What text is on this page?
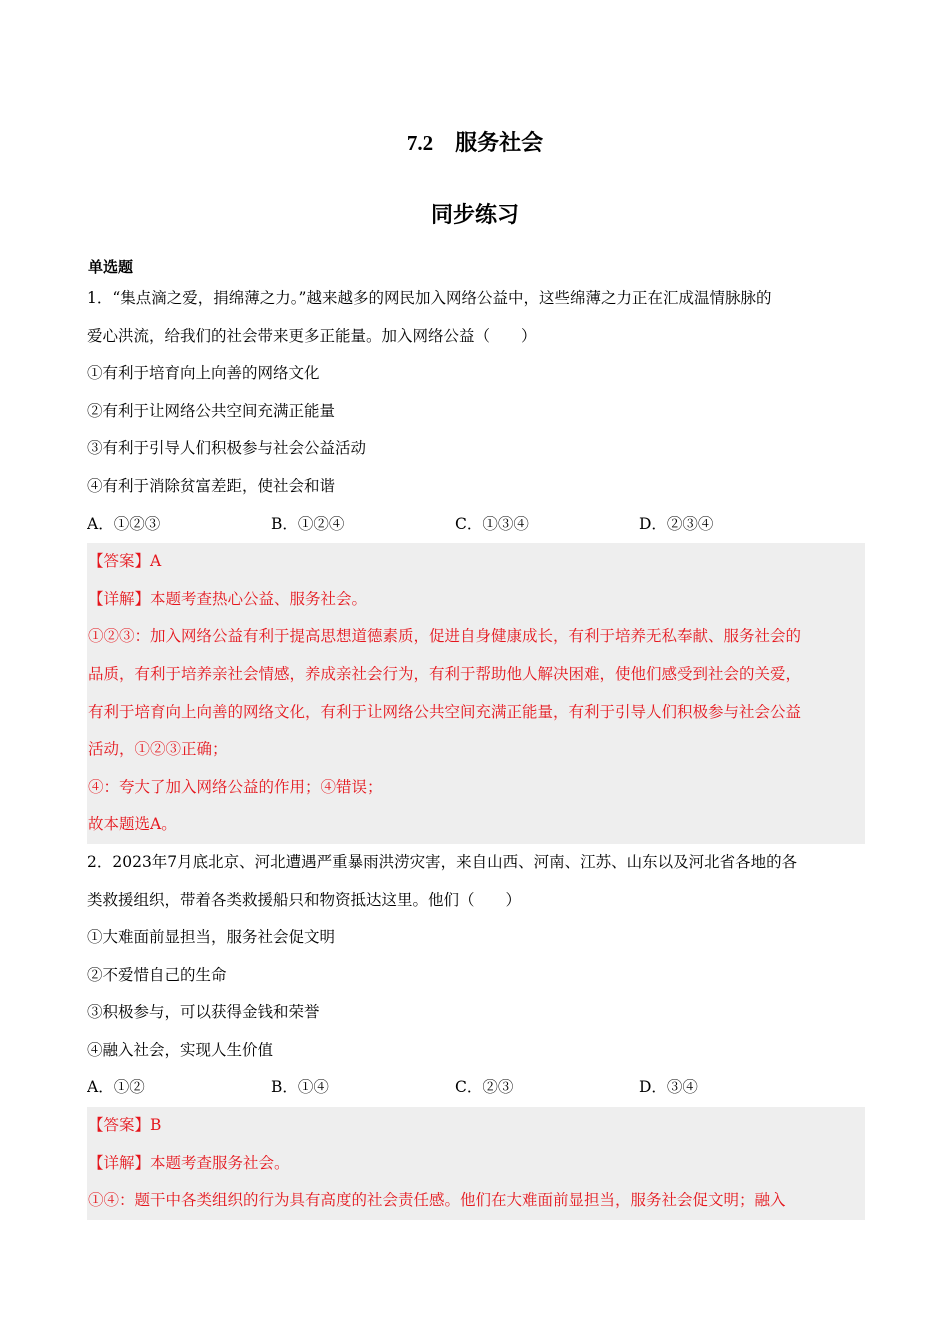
7.2 服务社会
同步练习
单选题
1．“集点滴之爱，捐绵薄之力。”越来越多的网民加入网络公益中，这些绵薄之力正在汇成温情脉脉的
爱心洪流，给我们的社会带来更多正能量。加入网络公益（　　）
①有利于培育向上向善的网络文化
②有利于让网络公共空间充满正能量
③有利于引导人们积极参与社会公益活动
④有利于消除贫富差距，使社会和谐
A．①②③	B．①②④	C．①③④	D．②③④
【答案】A
【详解】本题考查热心公益、服务社会。
①②③：加入网络公益有利于提高思想道德素质，促进自身健康成长，有利于培养无私奉献、服务社会的
品质，有利于培养亲社会情感，养成亲社会行为，有利于帮助他人解决困难，使他们感受到社会的关爱，
有利于培育向上向善的网络文化，有利于让网络公共空间充满正能量，有利于引导人们积极参与社会公益
活动，①②③正确；
④：夸大了加入网络公益的作用；④错误；
故本题选A。
2．2023年7月底北京、河北遭遇严重暴雨洪涝灾害，来自山西、河南、江苏、山东以及河北省各地的各
类救援组织，带着各类救援船只和物资抵达这里。他们（　　）
①大难面前显担当，服务社会促文明
②不爱惜自己的生命
③积极参与，可以获得金钱和荣誉
④融入社会，实现人生价值
A．①②	B．①④	C．②③	D．③④
【答案】B
【详解】本题考查服务社会。
①④：题干中各类组织的行为具有高度的社会责任感。他们在大难面前显担当，服务社会促文明；融入
